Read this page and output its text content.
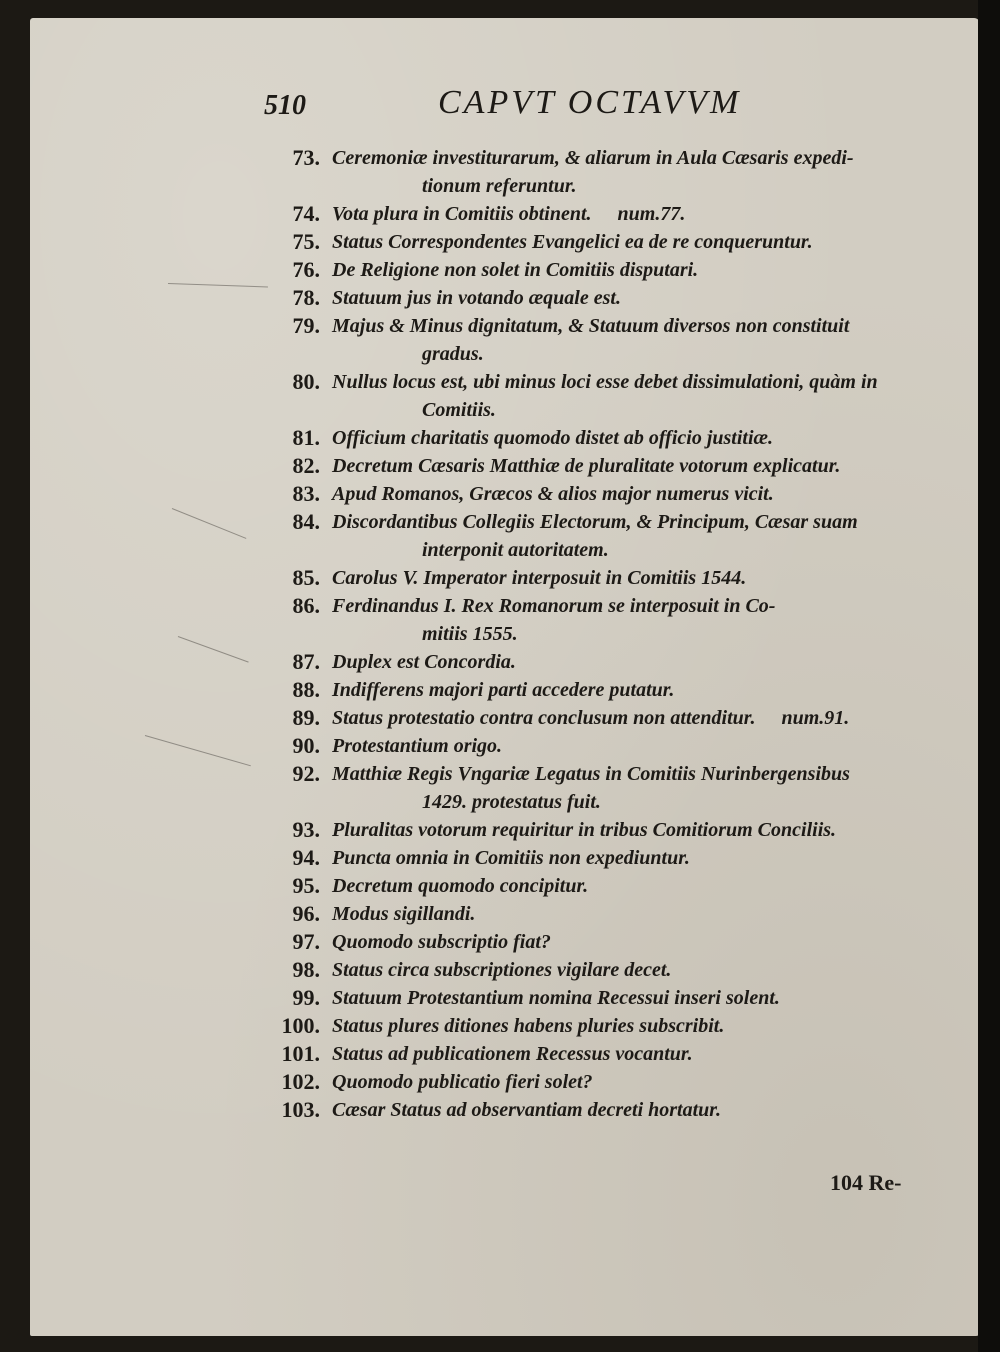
510	CAPVT OCTAVVM
73. Ceremoniæ investiturarum, & aliarum in Aula Cæsaris expedi-
tionum referuntur.
74. Vota plura in Comitiis obtinent. num.77.
75. Status Correspondentes Evangelici ea de re conqueruntur.
76. De Religione non solet in Comitiis disputari.
78. Statuum jus in votando æquale est.
79. Majus & Minus dignitatum, & Statuum diversos non constituit
gradus.
80. Nullus locus est, ubi minus loci esse debet dissimulationi, quàm in
Comitiis.
81. Officium charitatis quomodo distet ab officio justitiæ.
82. Decretum Cæsaris Matthiæ de pluralitate votorum explicatur.
83. Apud Romanos, Græcos & alios major numerus vicit.
84. Discordantibus Collegiis Electorum, & Principum, Cæsar suam
interponit autoritatem.
85. Carolus V. Imperator interposuit in Comitiis 1544.
86. Ferdinandus I. Rex Romanorum se interposuit in Co-
mitiis 1555.
87. Duplex est Concordia.
88. Indifferens majori parti accedere putatur.
89. Status protestatio contra conclusum non attenditur. num.91.
90. Protestantium origo.
92. Matthiæ Regis Vngariæ Legatus in Comitiis Nurinbergensibus
1429. protestatus fuit.
93. Pluralitas votorum requiritur in tribus Comitiorum Conciliis.
94. Puncta omnia in Comitiis non expediuntur.
95. Decretum quomodo concipitur.
96. Modus sigillandi.
97. Quomodo subscriptio fiat?
98. Status circa subscriptiones vigilare decet.
99. Statuum Protestantium nomina Recessui inseri solent.
100. Status plures ditiones habens pluries subscribit.
101. Status ad publicationem Recessus vocantur.
102. Quomodo publicatio fieri solet?
103. Cæsar Status ad observantiam decreti hortatur.
104 Re-
